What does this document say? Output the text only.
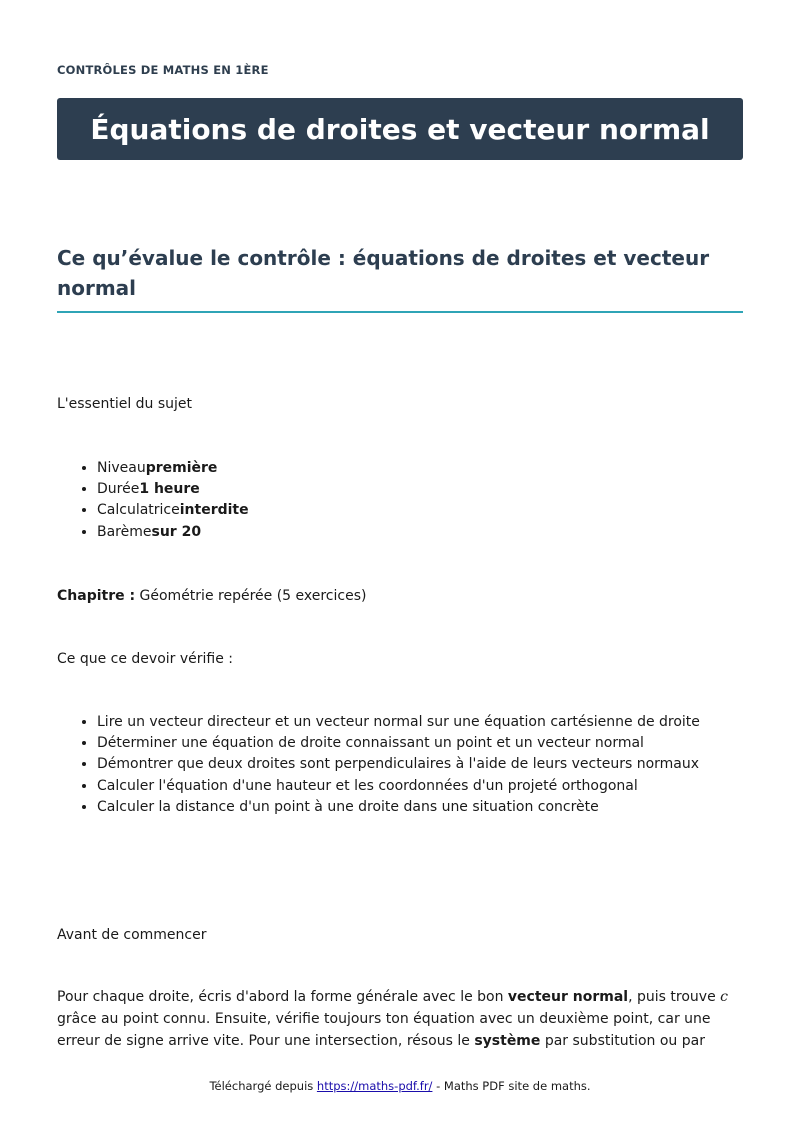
CONTRÔLES DE MATHS EN 1ÈRE
Équations de droites et vecteur normal
Ce qu’évalue le contrôle : équations de droites et vecteur normal

L'essentiel du sujet

• Niveaupremière
• Durée1 heure
• Calculatriceinterdite
• Barèmesur 20

Chapitre : Géométrie repérée (5 exercices)

Ce que ce devoir vérifie :

• Lire un vecteur directeur et un vecteur normal sur une équation cartésienne de droite
• Déterminer une équation de droite connaissant un point et un vecteur normal
• Démontrer que deux droites sont perpendiculaires à l'aide de leurs vecteurs normaux
• Calculer l'équation d'une hauteur et les coordonnées d'un projeté orthogonal
• Calculer la distance d'un point à une droite dans une situation concrète

Avant de commencer

Pour chaque droite, écris d'abord la forme générale avec le bon vecteur normal, puis trouve c grâce au point connu. Ensuite, vérifie toujours ton équation avec un deuxième point, car une erreur de signe arrive vite. Pour une intersection, résous le système par substitution ou par

Téléchargé depuis https://maths-pdf.fr/ - Maths PDF site de maths.
